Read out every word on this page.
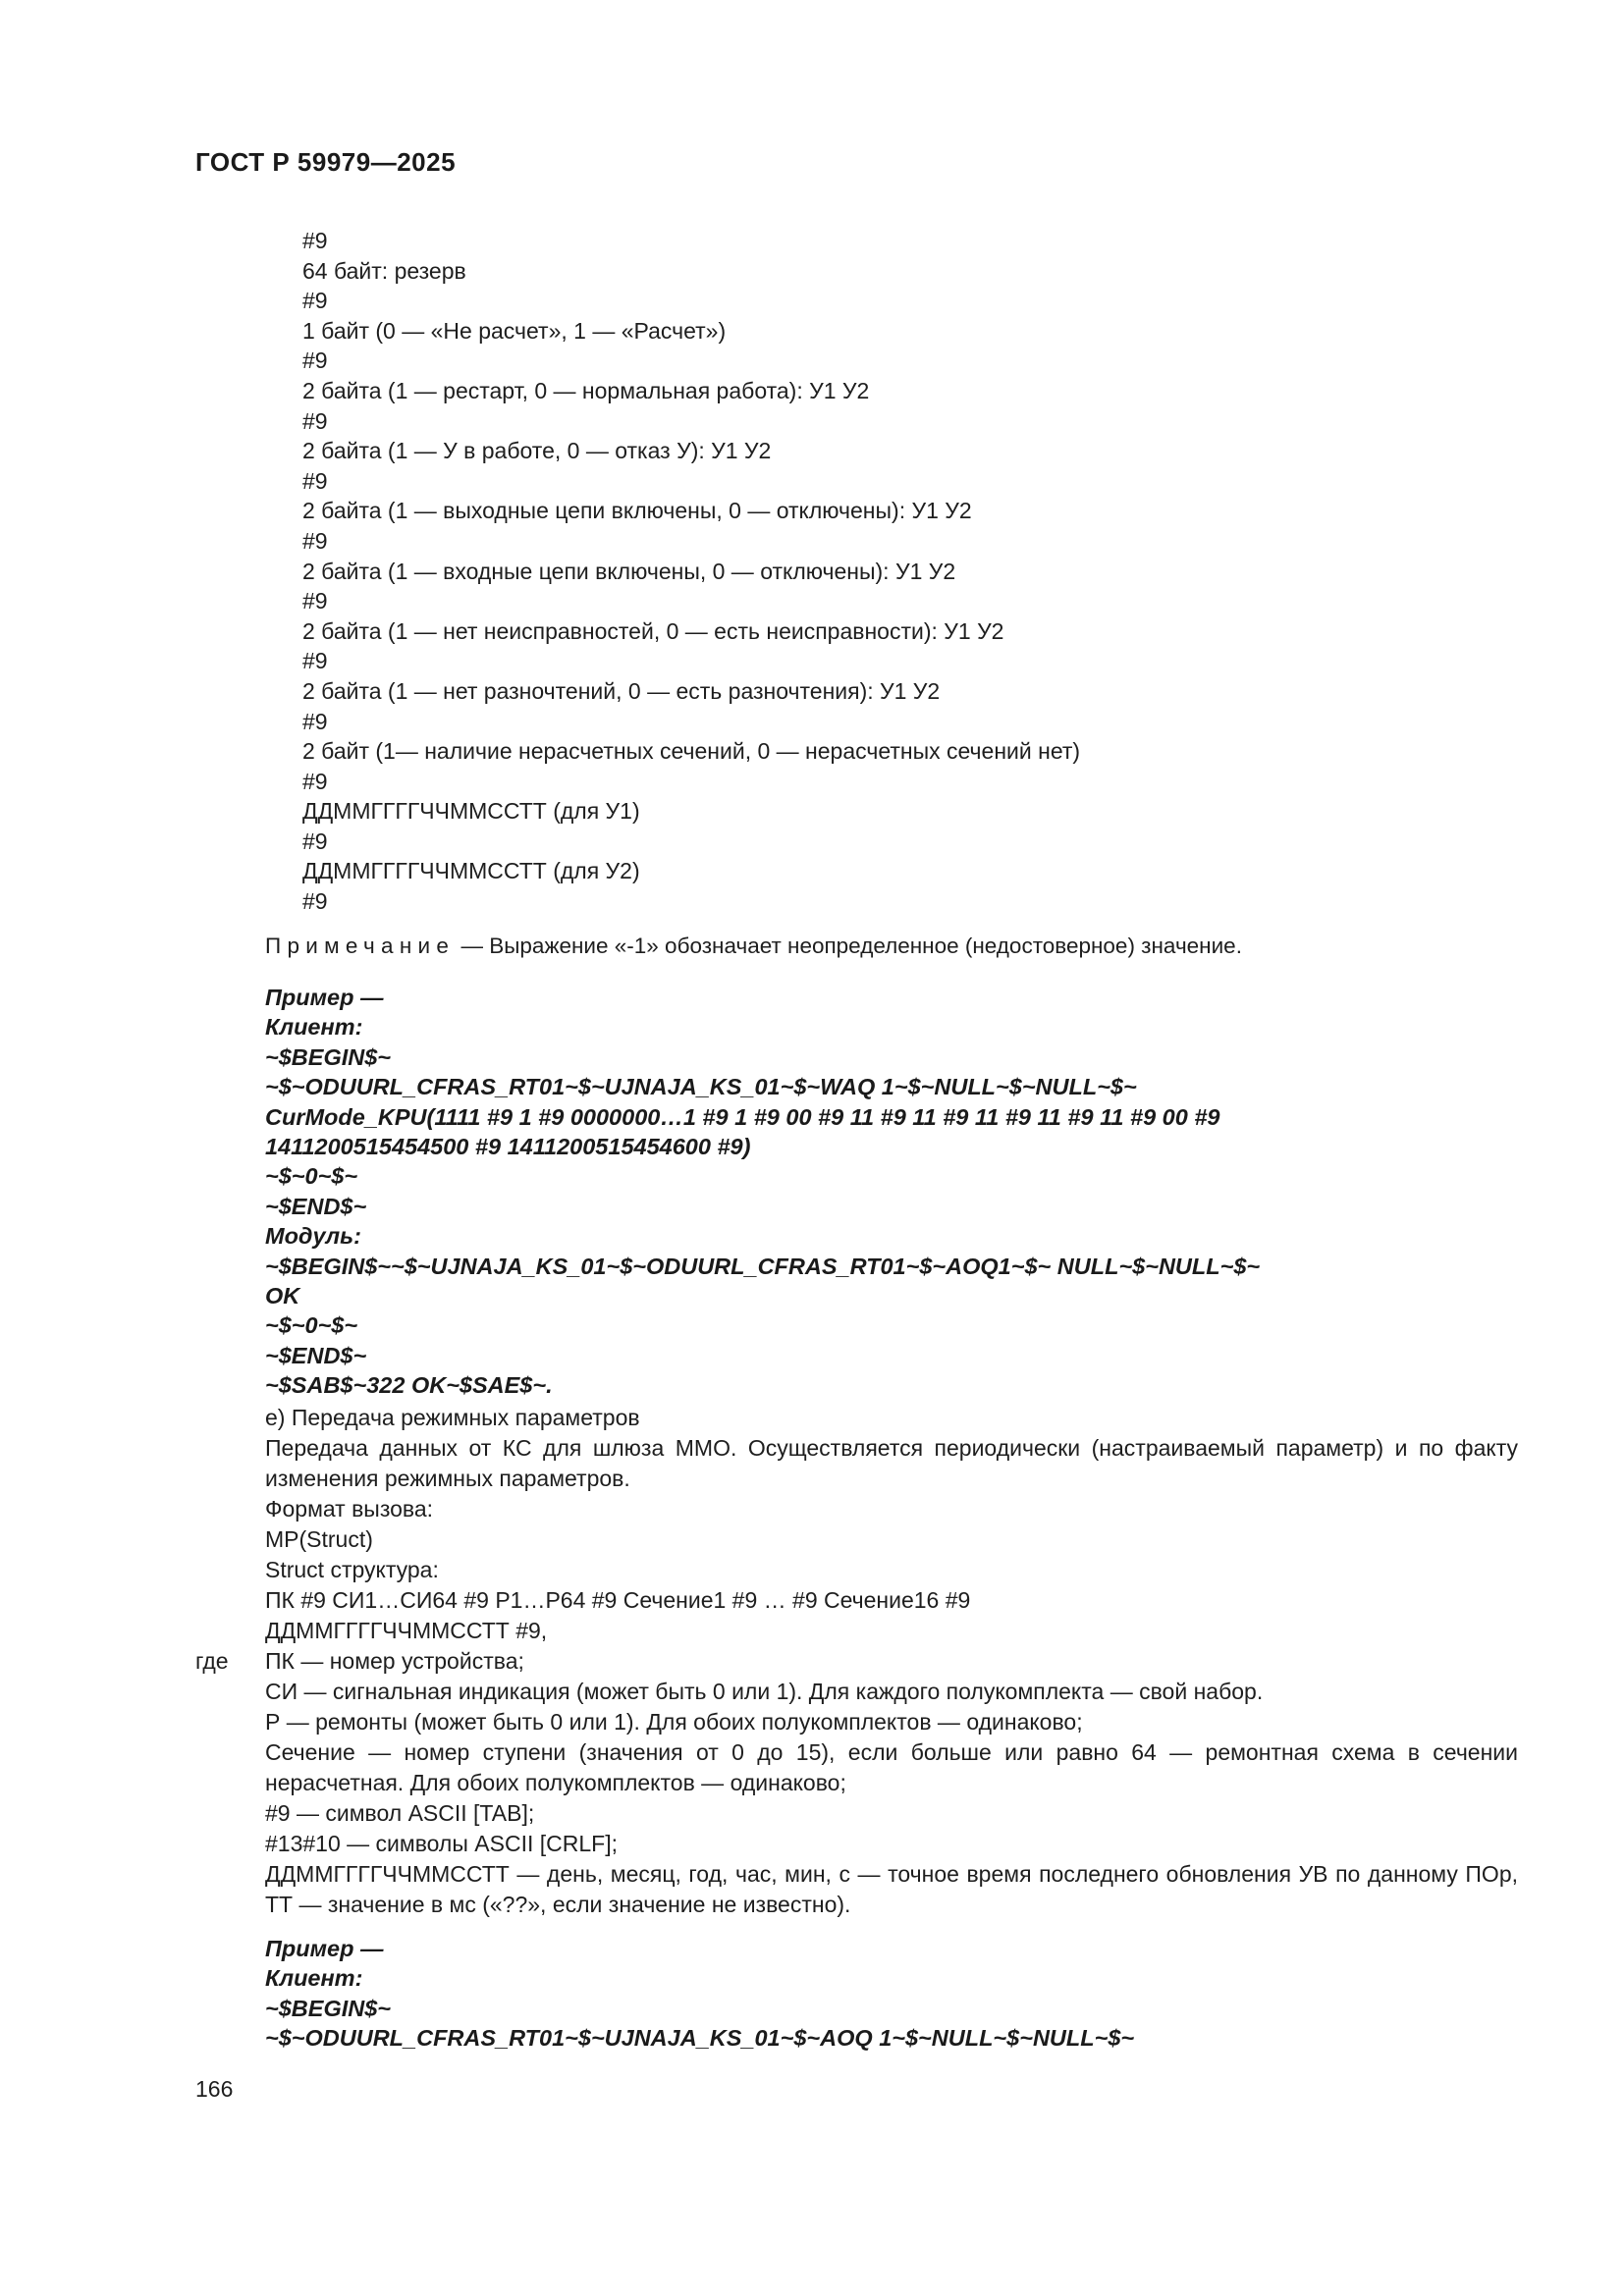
ГОСТ Р 59979—2025
#9
64 байт: резерв
#9
1 байт (0 — «Не расчет», 1 — «Расчет»)
#9
2 байта (1 — рестарт, 0 — нормальная работа): У1 У2
#9
2 байта (1 — У в работе, 0 — отказ У): У1 У2
#9
2 байта (1 — выходные цепи включены, 0 — отключены): У1 У2
#9
2 байта (1 — входные цепи включены, 0 — отключены): У1 У2
#9
2 байта (1 — нет неисправностей, 0 — есть неисправности): У1 У2
#9
2 байта (1 — нет разночтений, 0 — есть разночтения): У1 У2
#9
2 байт (1— наличие нерасчетных сечений, 0 — нерасчетных сечений нет)
#9
ДДММГГГГЧЧММССТТ (для У1)
#9
ДДММГГГГЧЧММССТТ (для У2)
#9
Примечание — Выражение «-1» обозначает неопределенное (недостоверное) значение.
Пример —
Клиент:
~$BEGIN$~
~$~ODUURL_CFRAS_RT01~$~UJNAJA_KS_01~$~WAQ 1~$~NULL~$~NULL~$~
CurMode_KPU(1111 #9 1 #9 0000000…1 #9 1 #9 00 #9 11 #9 11 #9 11 #9 11 #9 11 #9 00 #9
1411200515454500 #9 1411200515454600 #9)
~$~0~$~
~$END$~
Модуль:
~$BEGIN$~~$~UJNAJA_KS_01~$~ODUURL_CFRAS_RT01~$~AOQ1~$~ NULL~$~NULL~$~
OK
~$~0~$~
~$END$~
~$SAB$~322 OK~$SAE$~.

е) Передача режимных параметров

Передача данных от КС для шлюза ММО. Осуществляется периодически (настраиваемый параметр) и по факту изменения режимных параметров.

Формат вызова:

MP(Struct)

Struct структура:

ПК #9 СИ1…СИ64 #9 Р1…Р64 #9 Сечение1 #9 … #9 Сечение16 #9

ДДММГГГГЧЧММССТТ #9,

где	ПК — номер устройства;

СИ — сигнальная индикация (может быть 0 или 1). Для каждого полукомплекта — свой набор.

Р — ремонты (может быть 0 или 1). Для обоих полукомплектов — одинаково;

Сечение — номер ступени (значения от 0 до 15), если больше или равно 64 — ремонтная схема в сечении нерасчетная. Для обоих полукомплектов — одинаково;

#9 — символ ASCII [TAB];

#13#10 — символы ASCII [CRLF];

ДДММГГГГЧЧММССТТ — день, месяц, год, час, мин, с — точное время последнего обновления УВ по данному ПОр, ТТ — значение в мс («??», если значение не известно).

Пример —
Клиент:
~$BEGIN$~
~$~ODUURL_CFRAS_RT01~$~UJNAJA_KS_01~$~AOQ 1~$~NULL~$~NULL~$~
166
